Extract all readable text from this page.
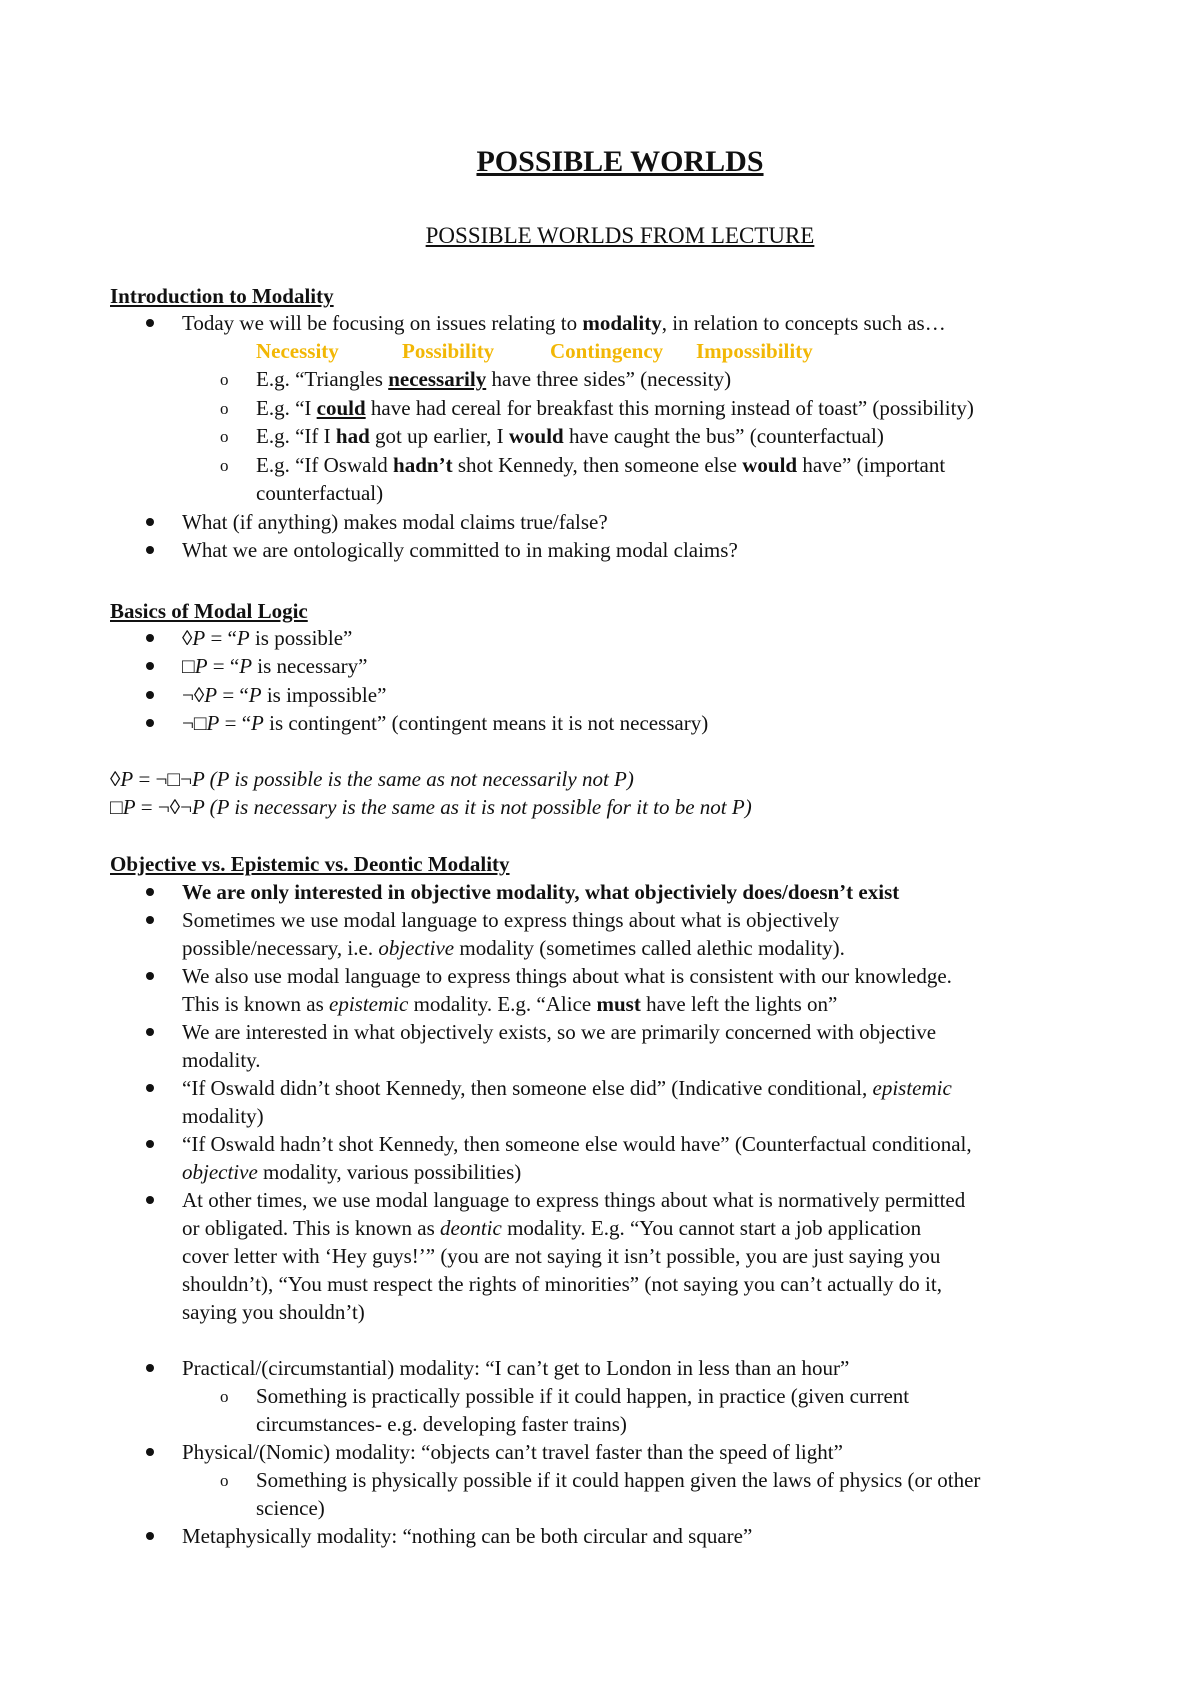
POSSIBLE WORLDS
POSSIBLE WORLDS FROM LECTURE
Introduction to Modality
Today we will be focusing on issues relating to modality, in relation to concepts such as…
Necessity	Possibility	Contingency Impossibility
o E.g. “Triangles necessarily have three sides” (necessity)
o E.g. “I could have had cereal for breakfast this morning instead of toast” (possibility)
o E.g. “If I had got up earlier, I would have caught the bus” (counterfactual)
o E.g. “If Oswald hadn’t shot Kennedy, then someone else would have” (important
counterfactual)
What (if anything) makes modal claims true/false?
What we are ontologically committed to in making modal claims?
Basics of Modal Logic
◊P = “P is possible”
□P = “P is necessary”
¬◊P = “P is impossible”
¬□P = “P is contingent” (contingent means it is not necessary)
◊P = ¬□¬P (P is possible is the same as not necessarily not P)
□P = ¬◊¬P (P is necessary is the same as it is not possible for it to be not P)
Objective vs. Epistemic vs. Deontic Modality
We are only interested in objective modality, what objectiviely does/doesn’t exist
Sometimes we use modal language to express things about what is objectively
possible/necessary, i.e. objective modality (sometimes called alethic modality).
We also use modal language to express things about what is consistent with our knowledge.
This is known as epistemic modality. E.g. “Alice must have left the lights on”
We are interested in what objectively exists, so we are primarily concerned with objective
modality.
“If Oswald didn’t shoot Kennedy, then someone else did” (Indicative conditional, epistemic
modality)
“If Oswald hadn’t shot Kennedy, then someone else would have” (Counterfactual conditional,
objective modality, various possibilities)
At other times, we use modal language to express things about what is normatively permitted
or obligated. This is known as deontic modality. E.g. “You cannot start a job application
cover letter with ‘Hey guys!’” (you are not saying it isn’t possible, you are just saying you
shouldn’t), “You must respect the rights of minorities” (not saying you can’t actually do it,
saying you shouldn’t)
Practical/(circumstantial) modality: “I can’t get to London in less than an hour”
o Something is practically possible if it could happen, in practice (given current
circumstances- e.g. developing faster trains)
Physical/(Nomic) modality: “objects can’t travel faster than the speed of light”
o Something is physically possible if it could happen given the laws of physics (or other
science)
Metaphysically modality: “nothing can be both circular and square”
